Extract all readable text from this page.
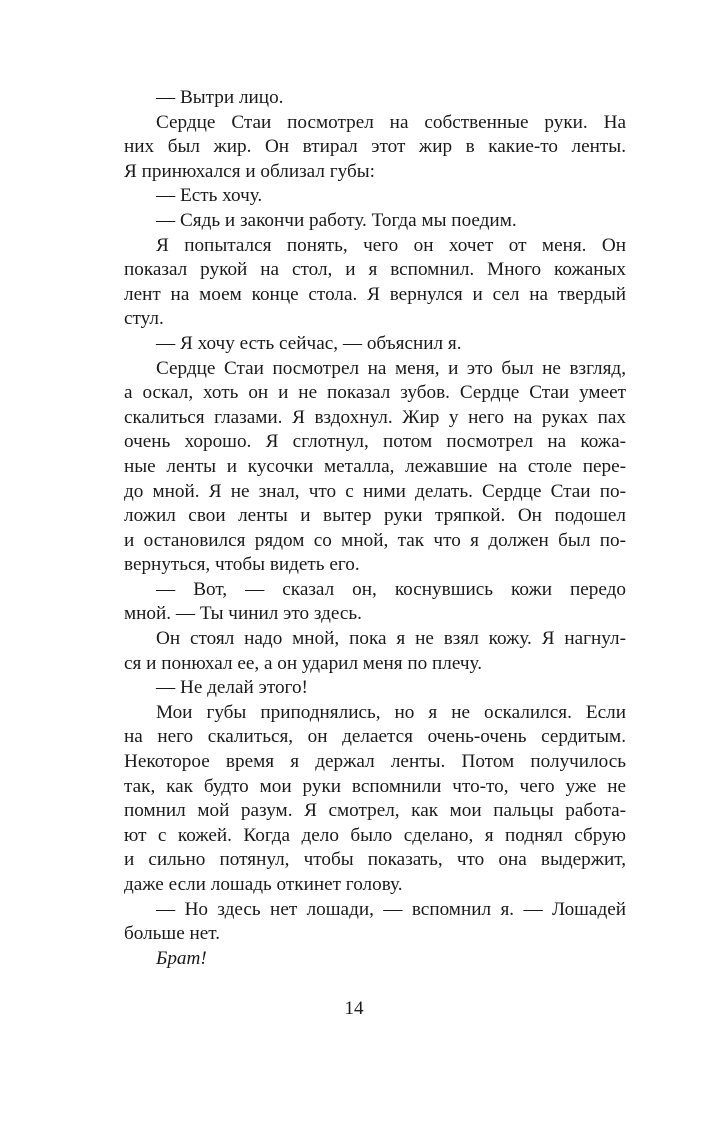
— Вытри лицо.
Сердце Стаи посмотрел на собственные руки. На
них был жир. Он втирал этот жир в какие-то ленты.
Я принюхался и облизал губы:
— Есть хочу.
— Сядь и закончи работу. Тогда мы поедим.
Я попытался понять, чего он хочет от меня. Он
показал рукой на стол, и я вспомнил. Много кожаных
лент на моем конце стола. Я вернулся и сел на твердый
стул.
— Я хочу есть сейчас, — объяснил я.
Сердце Стаи посмотрел на меня, и это был не взгляд,
а оскал, хоть он и не показал зубов. Сердце Стаи умеет
скалиться глазами. Я вздохнул. Жир у него на руках пах
очень хорошо. Я сглотнул, потом посмотрел на кожа-
ные ленты и кусочки металла, лежавшие на столе пере-
до мной. Я не знал, что с ними делать. Сердце Стаи по-
ложил свои ленты и вытер руки тряпкой. Он подошел
и остановился рядом со мной, так что я должен был по-
вернуться, чтобы видеть его.
— Вот, — сказал он, коснувшись кожи передо
мной. — Ты чинил это здесь.
Он стоял надо мной, пока я не взял кожу. Я нагнул-
ся и понюхал ее, а он ударил меня по плечу.
— Не делай этого!
Мои губы приподнялись, но я не оскалился. Если
на него скалиться, он делается очень-очень сердитым.
Некоторое время я держал ленты. Потом получилось
так, как будто мои руки вспомнили что-то, чего уже не
помнил мой разум. Я смотрел, как мои пальцы работа-
ют с кожей. Когда дело было сделано, я поднял сбрую
и сильно потянул, чтобы показать, что она выдержит,
даже если лошадь откинет голову.
— Но здесь нет лошади, — вспомнил я. — Лошадей
больше нет.
Брат!
14
